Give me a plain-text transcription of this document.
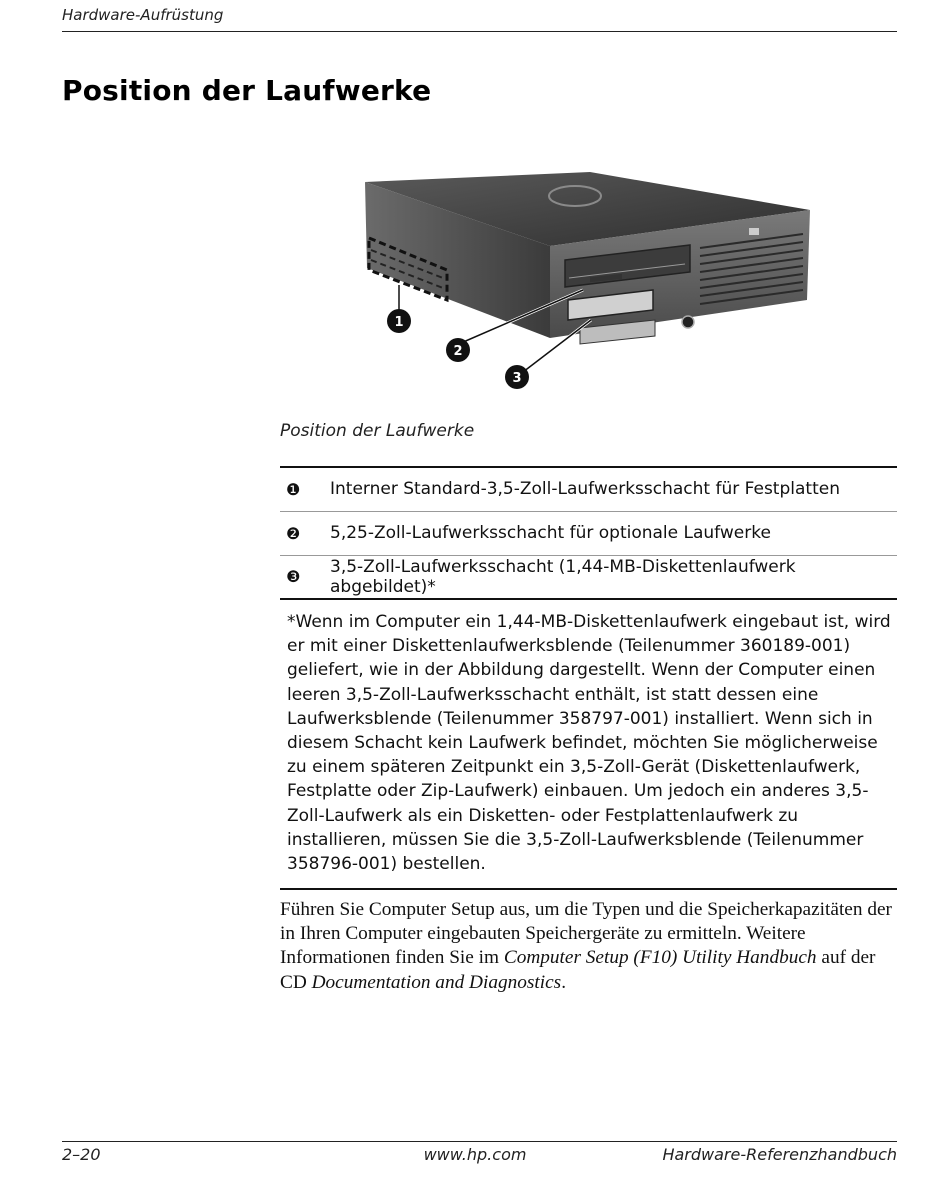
Hardware-Aufrüstung
Position der Laufwerke
1
2
3
Position der Laufwerke
❶	Interner Standard-3,5-Zoll-Laufwerksschacht für Festplatten
❷	5,25-Zoll-Laufwerksschacht für optionale Laufwerke
❸	3,5-Zoll-Laufwerksschacht (1,44-MB-Diskettenlaufwerk abgebildet)*
*Wenn im Computer ein 1,44-MB-Diskettenlaufwerk eingebaut ist, wird er mit einer Diskettenlaufwerksblende (Teilenummer 360189-001) geliefert, wie in der Abbildung dargestellt. Wenn der Computer einen leeren 3,5-Zoll-Laufwerksschacht enthält, ist statt dessen eine Laufwerksblende (Teilenummer 358797-001) installiert. Wenn sich in diesem Schacht kein Laufwerk befindet, möchten Sie möglicherweise zu einem späteren Zeitpunkt ein 3,5-Zoll-Gerät (Diskettenlaufwerk, Festplatte oder Zip-Laufwerk) einbauen. Um jedoch ein anderes 3,5-Zoll-Laufwerk als ein Disketten- oder Festplattenlaufwerk zu installieren, müssen Sie die 3,5-Zoll-Laufwerksblende (Teilenummer 358796-001) bestellen.

Führen Sie Computer Setup aus, um die Typen und die Speicherkapazitäten der in Ihren Computer eingebauten Speichergeräte zu ermitteln. Weitere Informationen finden Sie im Computer Setup (F10) Utility Handbuch auf der CD Documentation and Diagnostics.

2–20	www.hp.com	Hardware-Referenzhandbuch
